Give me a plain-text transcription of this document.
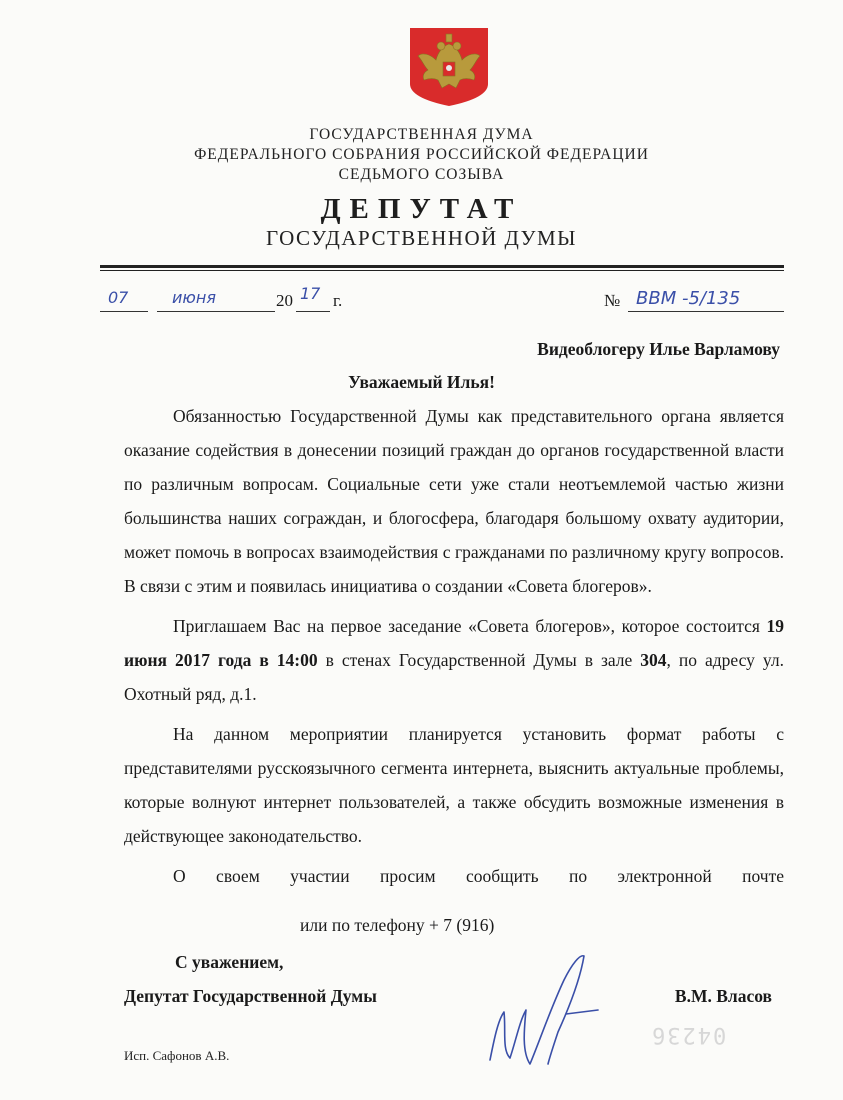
ГОСУДАРСТВЕННАЯ ДУМА
ФЕДЕРАЛЬНОГО СОБРАНИЯ РОССИЙСКОЙ ФЕДЕРАЦИИ
СЕДЬМОГО СОЗЫВА
ДЕПУТАТ
ГОСУДАРСТВЕННОЙ ДУМЫ
07	июня	20 17 г.	№ ВВМ -5/135
Видеоблогеру Илье Варламову
Уважаемый Илья!

Обязанностью Государственной Думы как представительного органа является оказание содействия в донесении позиций граждан до органов государственной власти по различным вопросам. Социальные сети уже стали неотъемлемой частью жизни большинства наших сограждан, и блогосфера, благодаря большому охвату аудитории, может помочь в вопросах взаимодействия с гражданами по различному кругу вопросов. В связи с этим и появилась инициатива о создании «Совета блогеров».

Приглашаем Вас на первое заседание «Совета блогеров», которое состоится 19 июня 2017 года в 14:00 в стенах Государственной Думы в зале 304, по адресу ул. Охотный ряд, д.1.

На данном мероприятии планируется установить формат работы с представителями русскоязычного сегмента интернета, выяснить актуальные проблемы, которые волнуют интернет пользователей, а также обсудить возможные изменения в действующее законодательство.

О своем участии просим сообщить по электронной почте

или по телефону + 7 (916)
С уважением,
Депутат Государственной Думы	В.М. Власов
04236
Исп. Сафонов А.В.
